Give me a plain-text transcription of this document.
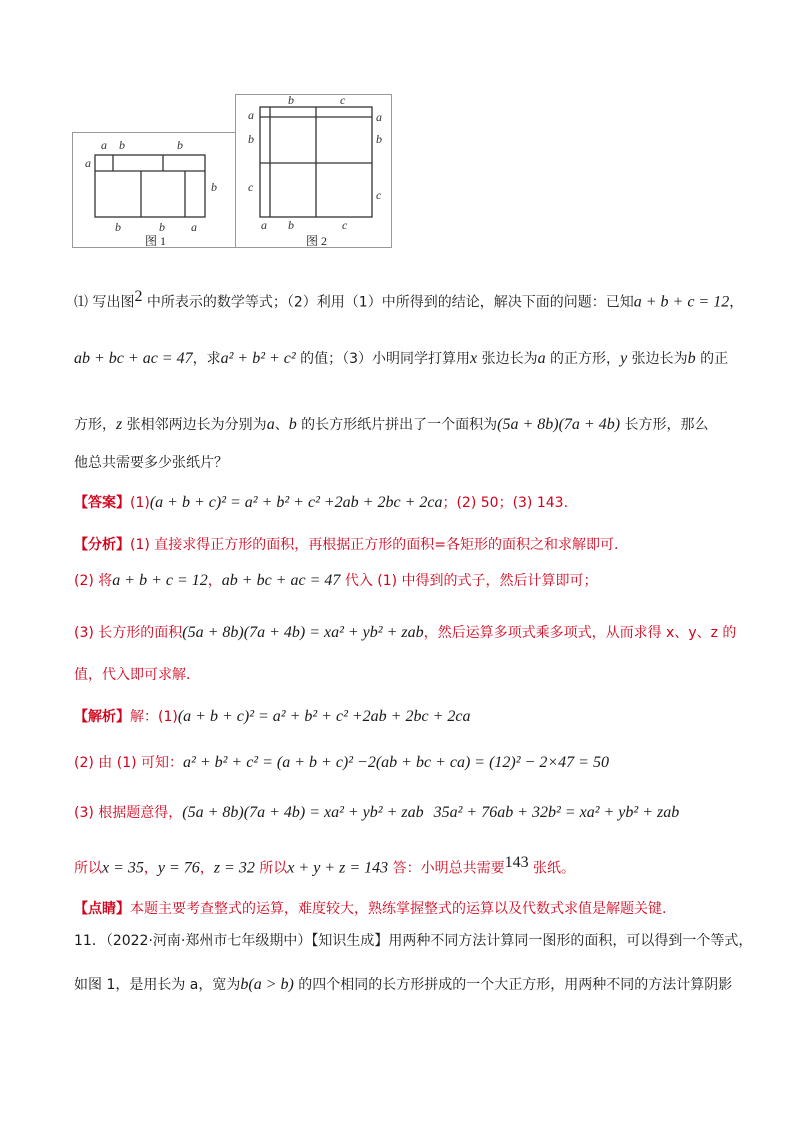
a b	b
a
b
b	b a
图 1
b	c
a
b
c
a
b
c
a b	c
图 2
⑴ 写出图$^2$ 中所表示的数学等式；（2）利用（1）中所得到的结论，解决下面的问题：已知a + b + c = 12，
ab + bc + ac = 47，求a² + b² + c² 的值；（3）小明同学打算用x 张边长为a 的正方形，y 张边长为b 的正
方形，z 张相邻两边长为分别为a、b 的长方形纸片拼出了一个面积为(5a + 8b)(7a + 4b) 长方形，那么
他总共需要多少张纸片？
【答案】(1)(a + b + c)² = a² + b² + c² +2ab + 2bc + 2ca；(2) 50；(3) 143.
【分析】(1) 直接求得正方形的面积，再根据正方形的面积=各矩形的面积之和求解即可.
(2) 将a + b + c = 12，ab + bc + ac = 47 代入 (1) 中得到的式子，然后计算即可；
(3) 长方形的面积(5a + 8b)(7a + 4b) = xa² + yb² + zab，然后运算多项式乘多项式，从而求得 x、y、z 的
值，代入即可求解.
【解析】解：(1)(a + b + c)² = a² + b² + c² +2ab + 2bc + 2ca
(2) 由 (1) 可知：a² + b² + c² = (a + b + c)² −2(ab + bc + ca) = (12)² − 2×47 = 50
(3) 根据题意得，(5a + 8b)(7a + 4b) = xa² + yb² + zab 35a² + 76ab + 32b² = xa² + yb² + zab
所以x = 35，y = 76，z = 32 所以x + y + z = 143 答：小明总共需要$^{143}$ 张纸。
【点睛】本题主要考查整式的运算，难度较大，熟练掌握整式的运算以及代数式求值是解题关键.
11．（2022·河南·郑州市七年级期中）【知识生成】用两种不同方法计算同一图形的面积，可以得到一个等式，
如图 1，是用长为 a，宽为b(a > b) 的四个相同的长方形拼成的一个大正方形，用两种不同的方法计算阴影
